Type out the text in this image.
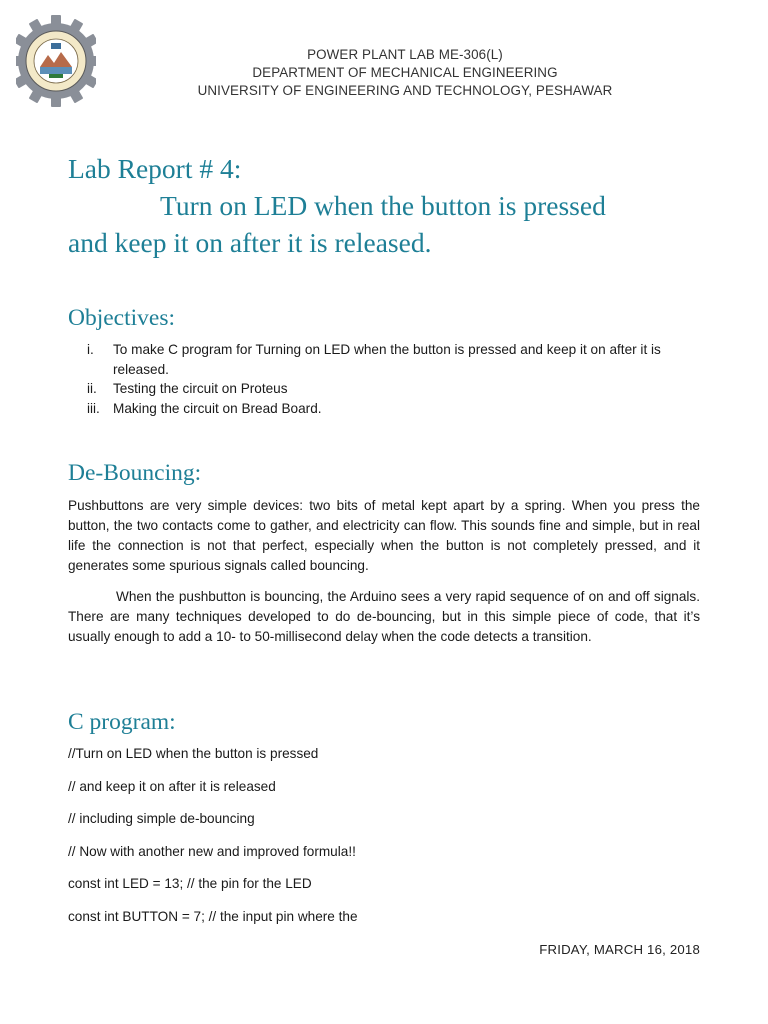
POWER PLANT LAB ME-306(L)
DEPARTMENT OF MECHANICAL ENGINEERING
UNIVERSITY OF ENGINEERING AND TECHNOLOGY, PESHAWAR
Lab Report # 4:
Turn on LED when the button is pressed
and keep it on after it is released.
Objectives:
i.	To make C program for Turning on LED when the button is pressed and keep it on after it is released.
ii.	Testing the circuit on Proteus
iii. Making the circuit on Bread Board.
De-Bouncing:

Pushbuttons are very simple devices: two bits of metal kept apart by a spring. When you press the button, the two contacts come to gather, and electricity can flow. This sounds fine and simple, but in real life the connection is not that perfect, especially when the button is not completely pressed, and it generates some spurious signals called bouncing.

When the pushbutton is bouncing, the Arduino sees a very rapid sequence of on and off signals. There are many techniques developed to do de-bouncing, but in this simple piece of code, that it’s usually enough to add a 10- to 50-millisecond delay when the code detects a transition.

C program:
//Turn on LED when the button is pressed
// and keep it on after it is released
// including simple de-bouncing
// Now with another new and improved formula!!
const int LED = 13; // the pin for the LED
const int BUTTON = 7; // the input pin where the
FRIDAY, MARCH 16, 2018
